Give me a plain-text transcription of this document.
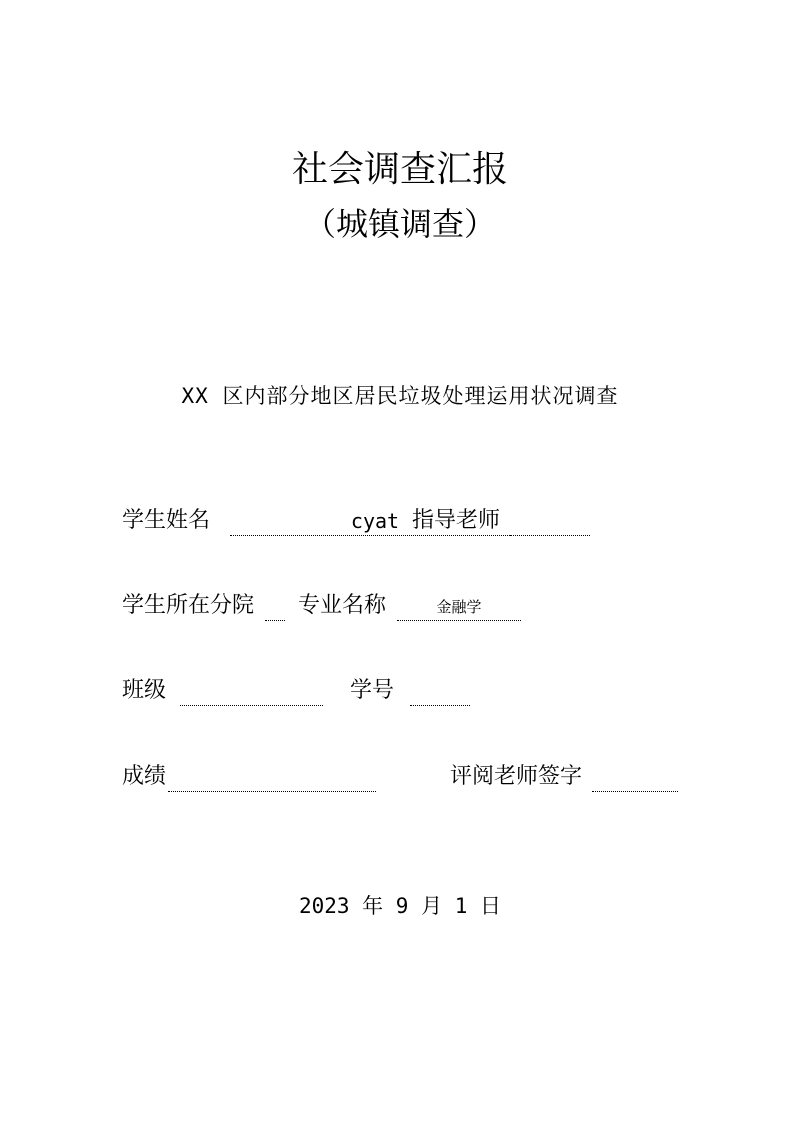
社会调查汇报
（城镇调查）
XX 区内部分地区居民垃圾处理运用状况调查
学生姓名	cyat 指导老师
学生所在分院 专业名称	金融学
班级	学号
成绩	评阅老师签字
2023 年 9 月 1 日
